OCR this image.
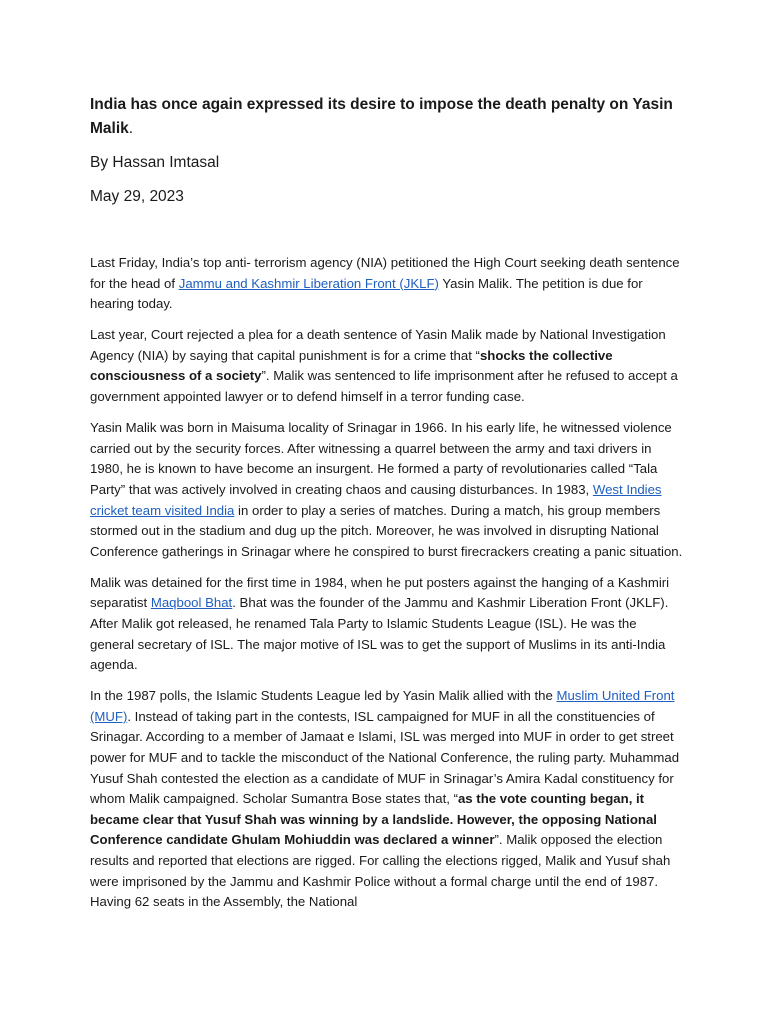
India has once again expressed its desire to impose the death penalty on Yasin Malik.

By Hassan Imtasal

May 29, 2023

Last Friday, India’s top anti- terrorism agency (NIA) petitioned the High Court seeking death sentence for the head of Jammu and Kashmir Liberation Front (JKLF) Yasin Malik. The petition is due for hearing today.

Last year, Court rejected a plea for a death sentence of Yasin Malik made by National Investigation Agency (NIA) by saying that capital punishment is for a crime that “shocks the collective consciousness of a society”. Malik was sentenced to life imprisonment after he refused to accept a government appointed lawyer or to defend himself in a terror funding case.

Yasin Malik was born in Maisuma locality of Srinagar in 1966. In his early life, he witnessed violence carried out by the security forces. After witnessing a quarrel between the army and taxi drivers in 1980, he is known to have become an insurgent. He formed a party of revolutionaries called “Tala Party” that was actively involved in creating chaos and causing disturbances. In 1983, West Indies cricket team visited India in order to play a series of matches. During a match, his group members stormed out in the stadium and dug up the pitch. Moreover, he was involved in disrupting National Conference gatherings in Srinagar where he conspired to burst firecrackers creating a panic situation.

Malik was detained for the first time in 1984, when he put posters against the hanging of a Kashmiri separatist Maqbool Bhat. Bhat was the founder of the Jammu and Kashmir Liberation Front (JKLF). After Malik got released, he renamed Tala Party to Islamic Students League (ISL). He was the general secretary of ISL. The major motive of ISL was to get the support of Muslims in its anti-India agenda.

In the 1987 polls, the Islamic Students League led by Yasin Malik allied with the Muslim United Front (MUF). Instead of taking part in the contests, ISL campaigned for MUF in all the constituencies of Srinagar. According to a member of Jamaat e Islami, ISL was merged into MUF in order to get street power for MUF and to tackle the misconduct of the National Conference, the ruling party. Muhammad Yusuf Shah contested the election as a candidate of MUF in Srinagar’s Amira Kadal constituency for whom Malik campaigned. Scholar Sumantra Bose states that, “as the vote counting began, it became clear that Yusuf Shah was winning by a landslide. However, the opposing National Conference candidate Ghulam Mohiuddin was declared a winner”. Malik opposed the election results and reported that elections are rigged. For calling the elections rigged, Malik and Yusuf shah were imprisoned by the Jammu and Kashmir Police without a formal charge until the end of 1987. Having 62 seats in the Assembly, the National
